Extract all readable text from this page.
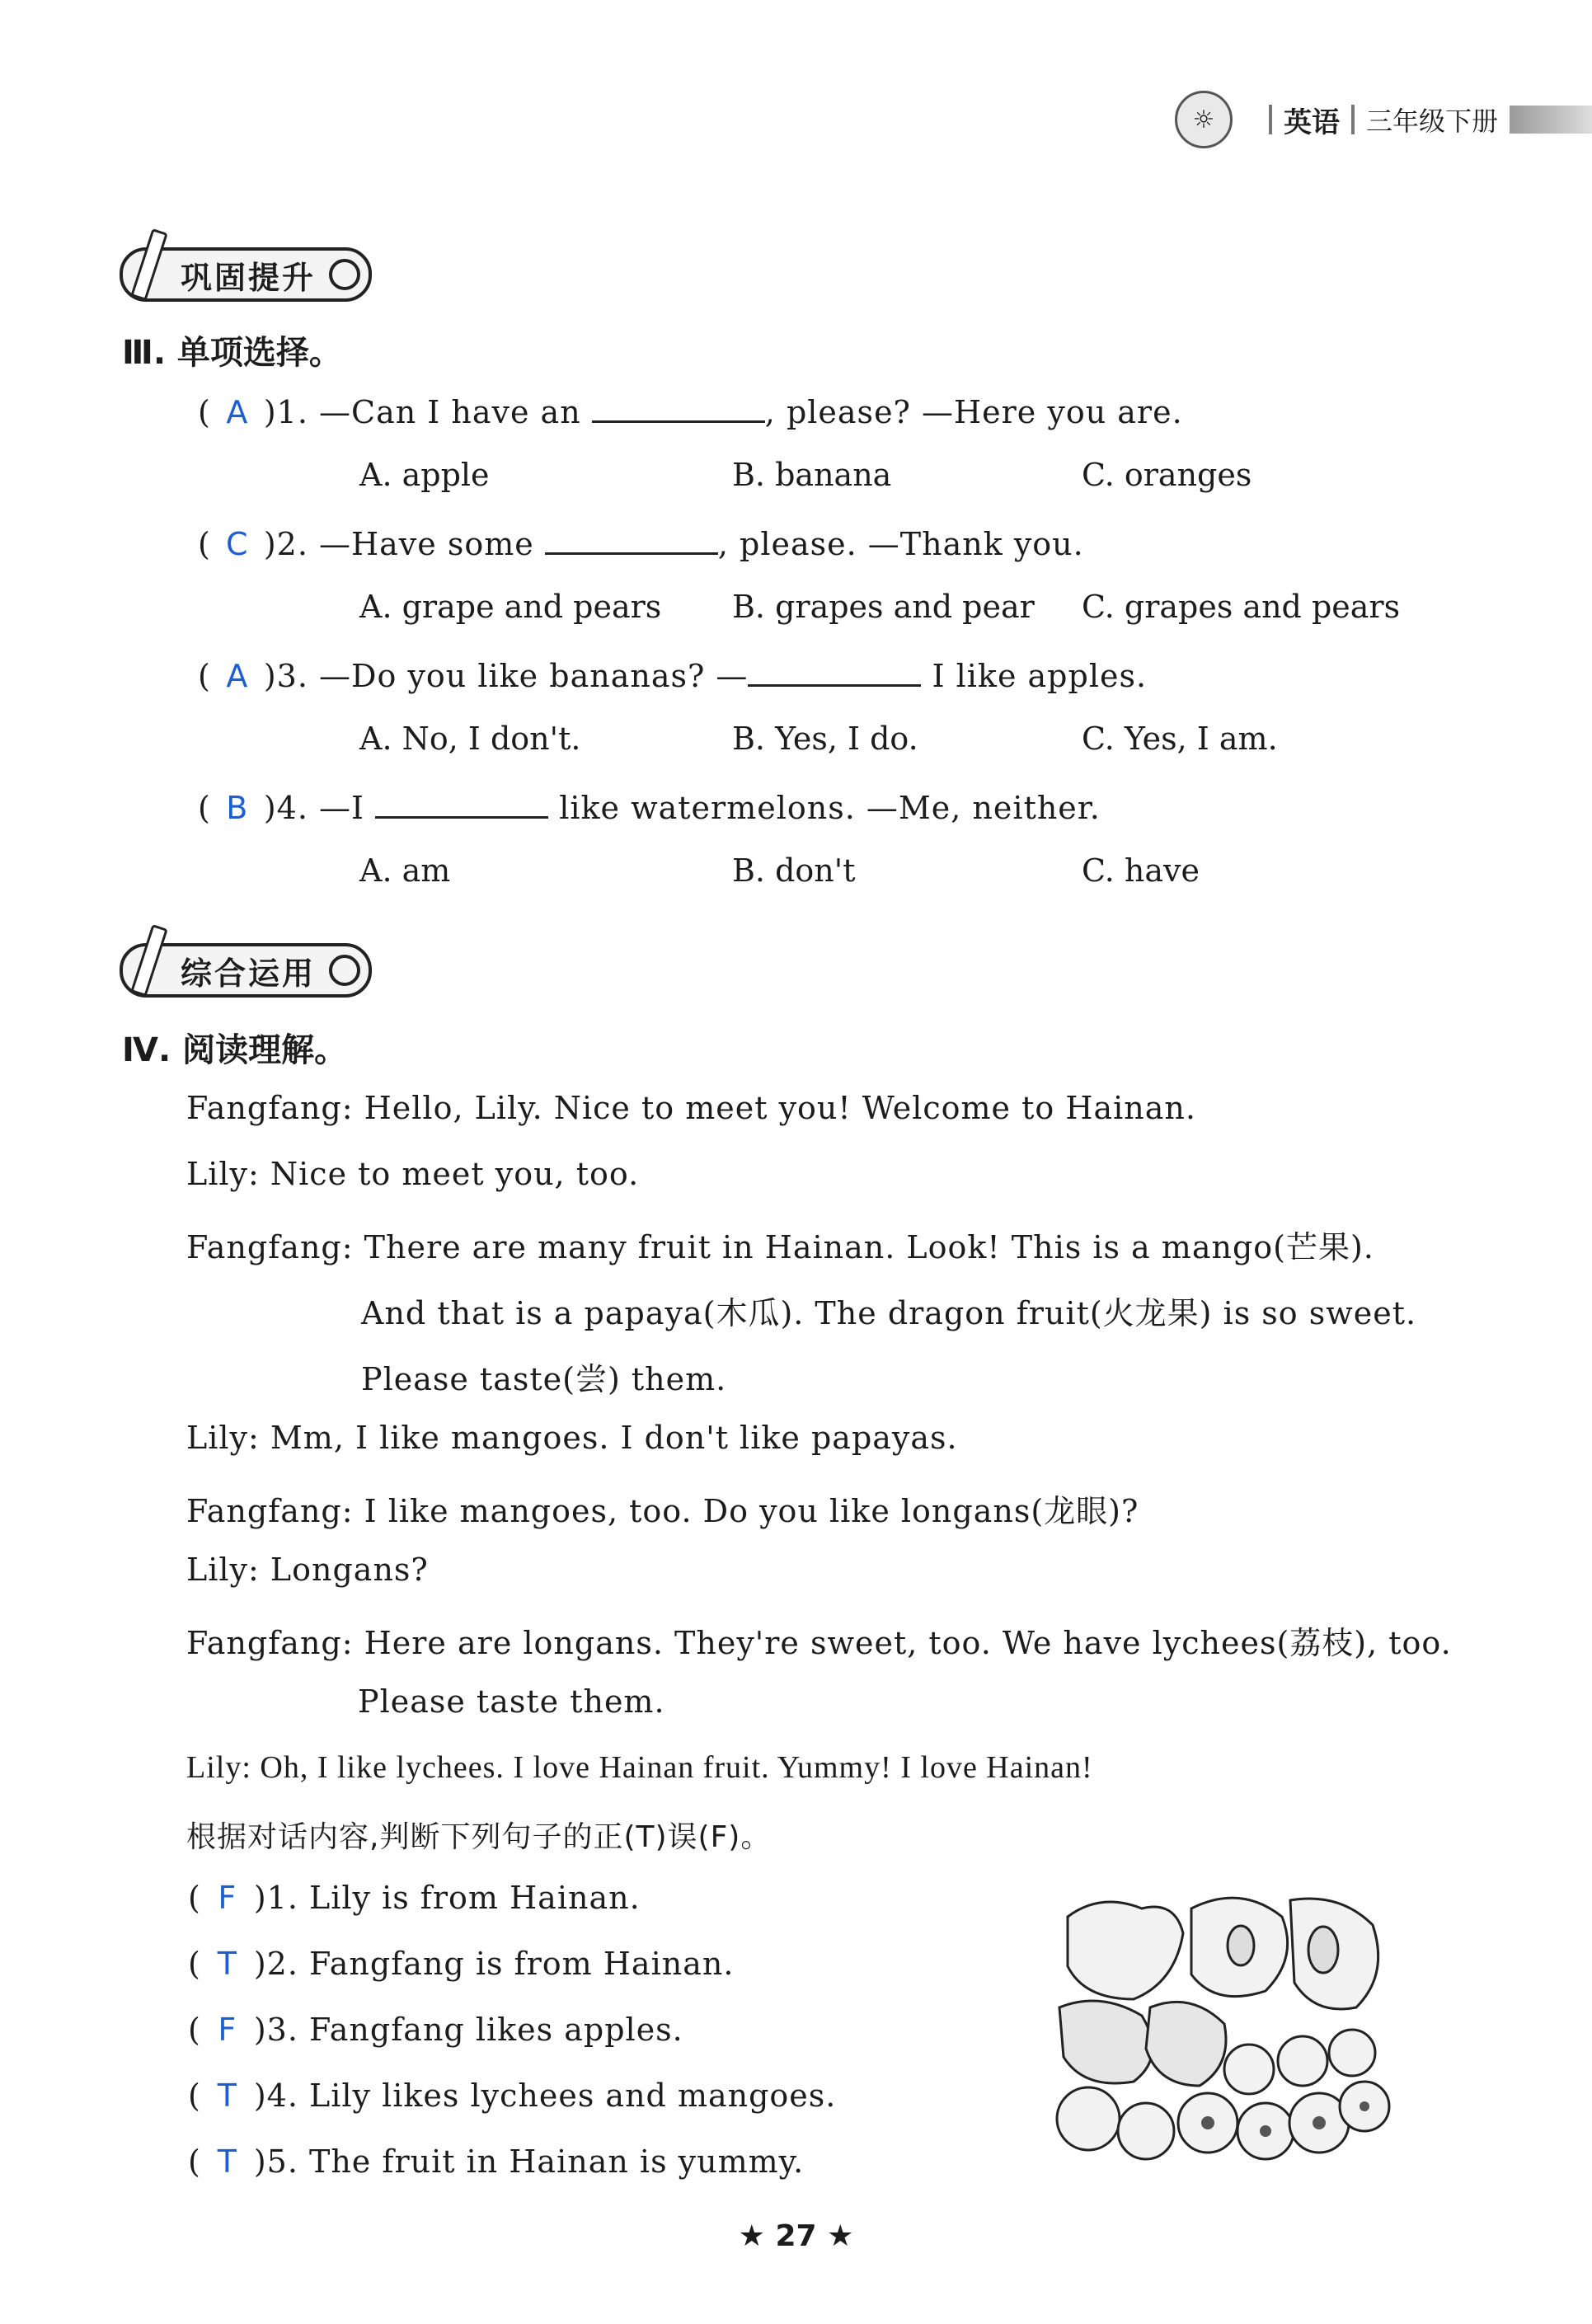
☼	英语 三年级下册
巩固提升
Ⅲ. 单项选择。
( A )1. —Can I have an	, please? —Here you are.
A. apple	B. banana	C. oranges
( C )2. —Have some	, please. —Thank you.
A. grape and pears B. grapes and pear C. grapes and pears
( A )3. —Do you like bananas? —	I like apples.
A. No, I don't.	B. Yes, I do.	C. Yes, I am.
( B )4. —I	like watermelons. —Me, neither.
A. am	B. don't	C. have
综合运用
Ⅳ. 阅读理解。
Fangfang: Hello, Lily. Nice to meet you! Welcome to Hainan.
Lily: Nice to meet you, too.
Fangfang: There are many fruit in Hainan. Look! This is a mango(芒果).
And that is a papaya(木瓜). The dragon fruit(火龙果) is so sweet.
Please taste(尝) them.
Lily: Mm, I like mangoes. I don't like papayas.
Fangfang: I like mangoes, too. Do you like longans(龙眼)?
Lily: Longans?
Fangfang: Here are longans. They're sweet, too. We have lychees(荔枝), too.
Please taste them.
Lily: Oh, I like lychees. I love Hainan fruit. Yummy! I love Hainan!
根据对话内容,判断下列句子的正(T)误(F)。
( F )1. Lily is from Hainan.
( T )2. Fangfang is from Hainan.
( F )3. Fangfang likes apples.
( T )4. Lily likes lychees and mangoes.
( T )5. The fruit in Hainan is yummy.
★ 27 ★
